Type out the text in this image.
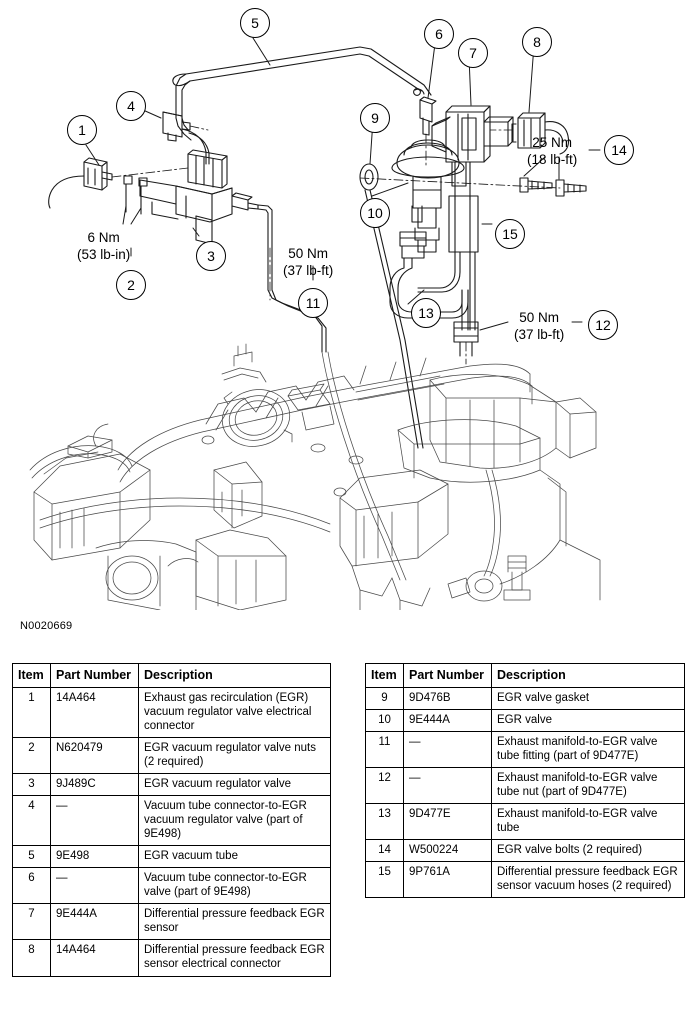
1
2
3
4
5
6
7
8
9
10
11
12
13
14
15
6 Nm
(53 lb-in)	50 Nm
(37 lb-ft)
25 Nm
(18 lb-ft)
50 Nm
(37 lb-ft)
N0020669
Item	Part Number	Description
1	14A464	Exhaust gas recirculation (EGR) vacuum regulator valve electrical connector
2	N620479	EGR vacuum regulator valve nuts (2 required)
3	9J489C	EGR vacuum regulator valve
4	—	Vacuum tube connector-to-EGR vacuum regulator valve (part of 9E498)
5	9E498	EGR vacuum tube
6	—	Vacuum tube connector-to-EGR valve (part of 9E498)
7	9E444A	Differential pressure feedback EGR sensor
8	14A464	Differential pressure feedback EGR sensor electrical connector
Item	Part Number	Description
9	9D476B	EGR valve gasket
10	9E444A	EGR valve
11	—	Exhaust manifold-to-EGR valve tube fitting (part of 9D477E)
12	—	Exhaust manifold-to-EGR valve tube nut (part of 9D477E)
13	9D477E	Exhaust manifold-to-EGR valve tube
14	W500224	EGR valve bolts (2 required)
15	9P761A	Differential pressure feedback EGR sensor vacuum hoses (2 required)
